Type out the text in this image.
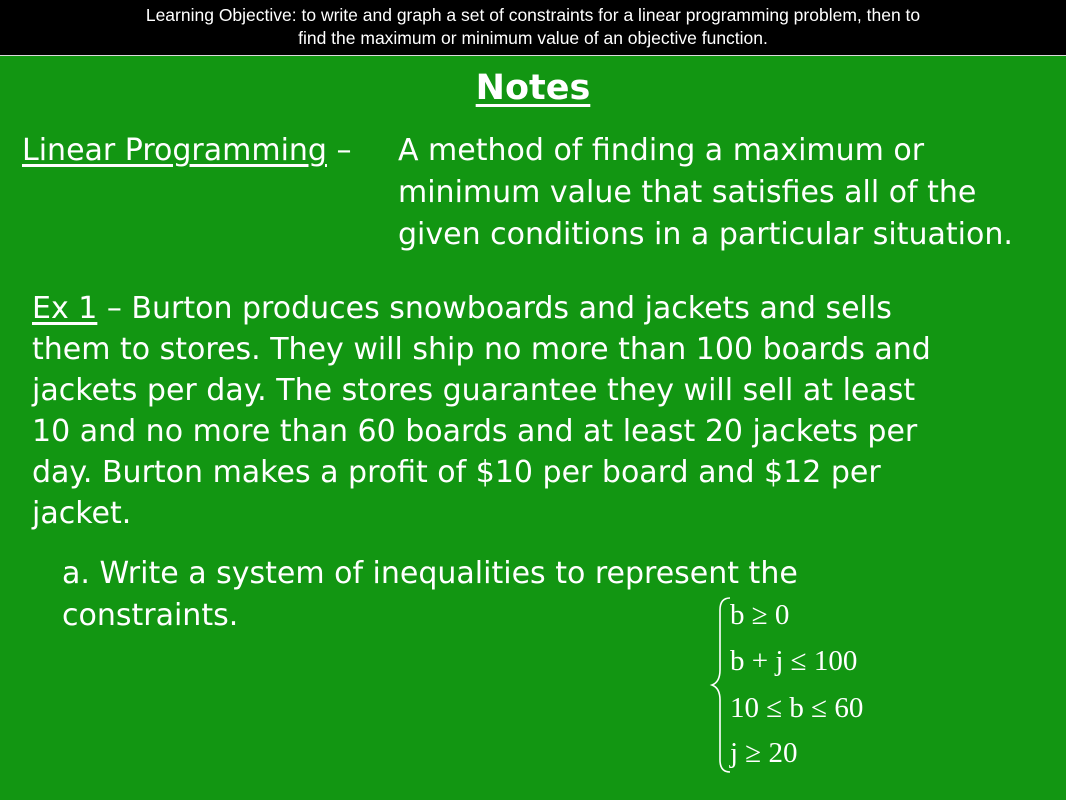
Learning Objective: to write and graph a set of constraints for a linear programming problem, then to
find the maximum or minimum value of an objective function.
Notes
Linear Programming – A method of finding a maximum or
minimum value that satisfies all of the
given conditions in a particular situation.
Ex 1 – Burton produces snowboards and jackets and sells
them to stores. They will ship no more than 100 boards and
jackets per day. The stores guarantee they will sell at least
10 and no more than 60 boards and at least 20 jackets per
day. Burton makes a profit of $10 per board and $12 per
jacket.
a. Write a system of inequalities to represent the
constraints.	b ≥ 0
b + j ≤ 100
10 ≤ b ≤ 60
j ≥ 20
